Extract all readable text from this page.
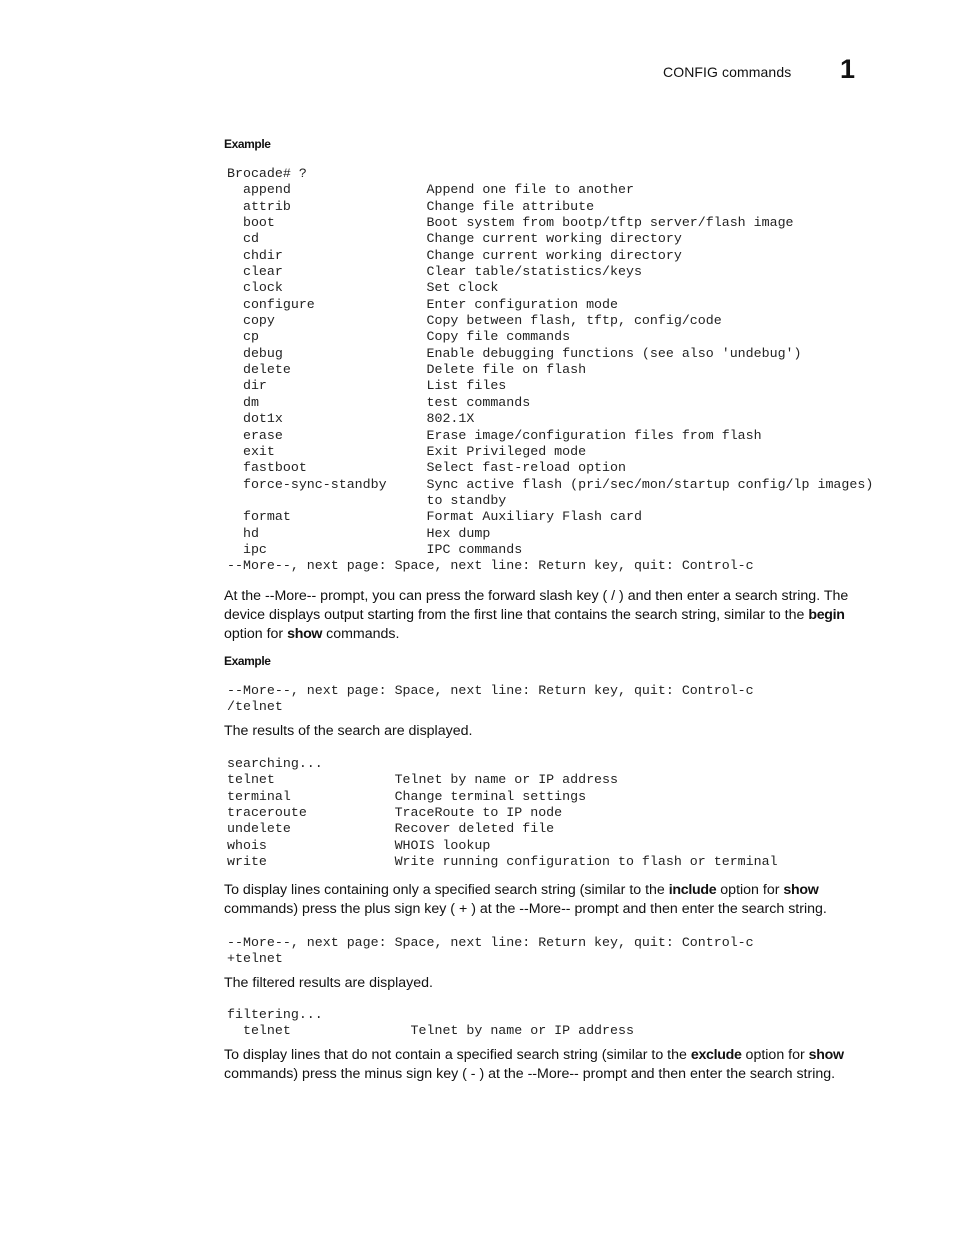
CONFIG commands 1
Example
Brocade# ?
append                 Append one file to another
attrib                 Change file attribute
boot                   Boot system from bootp/tftp server/flash image
cd                     Change current working directory
chdir                  Change current working directory
clear                  Clear table/statistics/keys
clock                  Set clock
configure              Enter configuration mode
copy                   Copy between flash, tftp, config/code
cp                     Copy file commands
debug                  Enable debugging functions (see also 'undebug')
delete                 Delete file on flash
dir                    List files
dm                     test commands
dot1x                  802.1X
erase                  Erase image/configuration files from flash
exit                   Exit Privileged mode
fastboot               Select fast-reload option
force-sync-standby     Sync active flash (pri/sec/mon/startup config/lp images)
to standby
format                 Format Auxiliary Flash card
hd                     Hex dump
ipc                    IPC commands
--More--, next page: Space, next line: Return key, quit: Control-c

At the --More-- prompt, you can press the forward slash key ( / ) and then enter a search string. The device displays output starting from the first line that contains the search string, similar to the begin option for show commands.

Example
--More--, next page: Space, next line: Return key, quit: Control-c
/telnet

The results of the search are displayed.

searching...
telnet               Telnet by name or IP address
terminal             Change terminal settings
traceroute           TraceRoute to IP node
undelete             Recover deleted file
whois                WHOIS lookup
write                Write running configuration to flash or terminal

To display lines containing only a specified search string (similar to the include option for show commands) press the plus sign key ( + ) at the --More-- prompt and then enter the search string.

--More--, next page: Space, next line: Return key, quit: Control-c
+telnet

The filtered results are displayed.

filtering...
telnet               Telnet by name or IP address

To display lines that do not contain a specified search string (similar to the exclude option for show commands) press the minus sign key ( - ) at the --More-- prompt and then enter the search string.
